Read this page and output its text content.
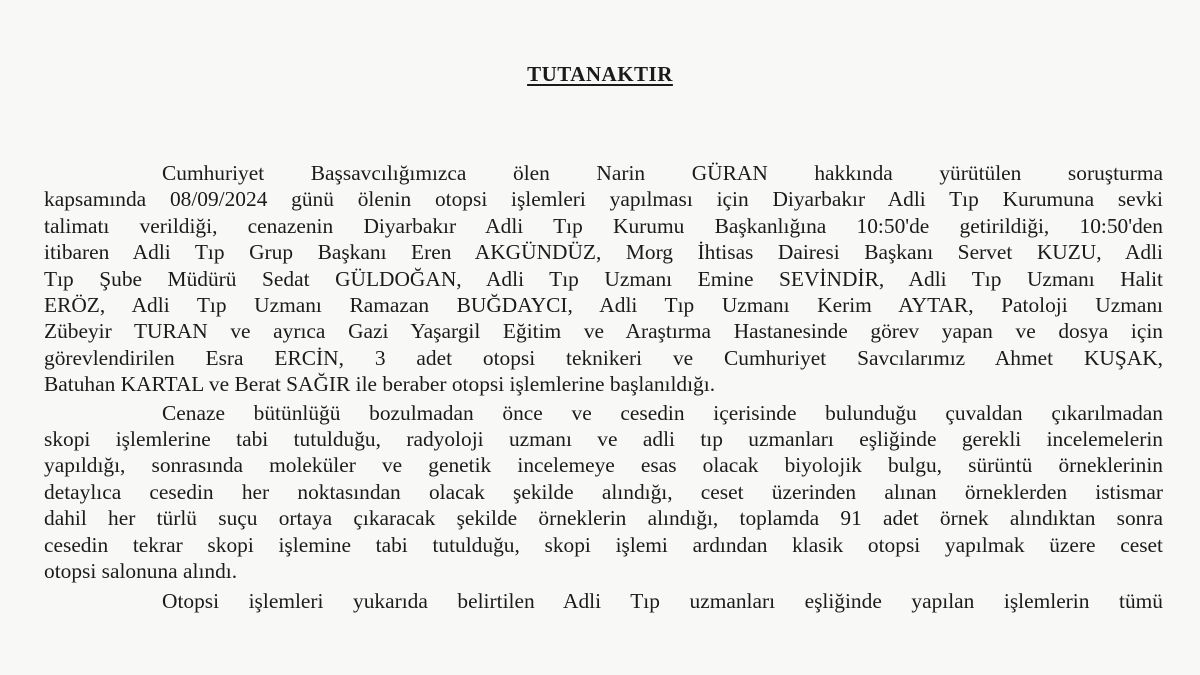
TUTANAKTIR
Cumhuriyet Başsavcılığımızca ölen Narin GÜRAN hakkında yürütülen soruşturma
kapsamında 08/09/2024 günü ölenin otopsi işlemleri yapılması için Diyarbakır Adli Tıp Kurumuna sevki
talimatı verildiği, cenazenin Diyarbakır Adli Tıp Kurumu Başkanlığına 10:50'de getirildiği, 10:50'den
itibaren Adli Tıp Grup Başkanı Eren AKGÜNDÜZ, Morg İhtisas Dairesi Başkanı Servet KUZU, Adli
Tıp Şube Müdürü Sedat GÜLDOĞAN, Adli Tıp Uzmanı Emine SEVİNDİR, Adli Tıp Uzmanı Halit
ERÖZ, Adli Tıp Uzmanı Ramazan BUĞDAYCI, Adli Tıp Uzmanı Kerim AYTAR, Patoloji Uzmanı
Zübeyir TURAN ve ayrıca Gazi Yaşargil Eğitim ve Araştırma Hastanesinde görev yapan ve dosya için
görevlendirilen Esra ERCİN, 3 adet otopsi teknikeri ve Cumhuriyet Savcılarımız Ahmet KUŞAK,
Batuhan KARTAL ve Berat SAĞIR ile beraber otopsi işlemlerine başlanıldığı.
Cenaze bütünlüğü bozulmadan önce ve cesedin içerisinde bulunduğu çuvaldan çıkarılmadan
skopi işlemlerine tabi tutulduğu, radyoloji uzmanı ve adli tıp uzmanları eşliğinde gerekli incelemelerin
yapıldığı, sonrasında moleküler ve genetik incelemeye esas olacak biyolojik bulgu, sürüntü örneklerinin
detaylıca cesedin her noktasından olacak şekilde alındığı, ceset üzerinden alınan örneklerden istismar
dahil her türlü suçu ortaya çıkaracak şekilde örneklerin alındığı, toplamda 91 adet örnek alındıktan sonra
cesedin tekrar skopi işlemine tabi tutulduğu, skopi işlemi ardından klasik otopsi yapılmak üzere ceset
otopsi salonuna alındı.
Otopsi işlemleri yukarıda belirtilen Adli Tıp uzmanları eşliğinde yapılan işlemlerin tümü
